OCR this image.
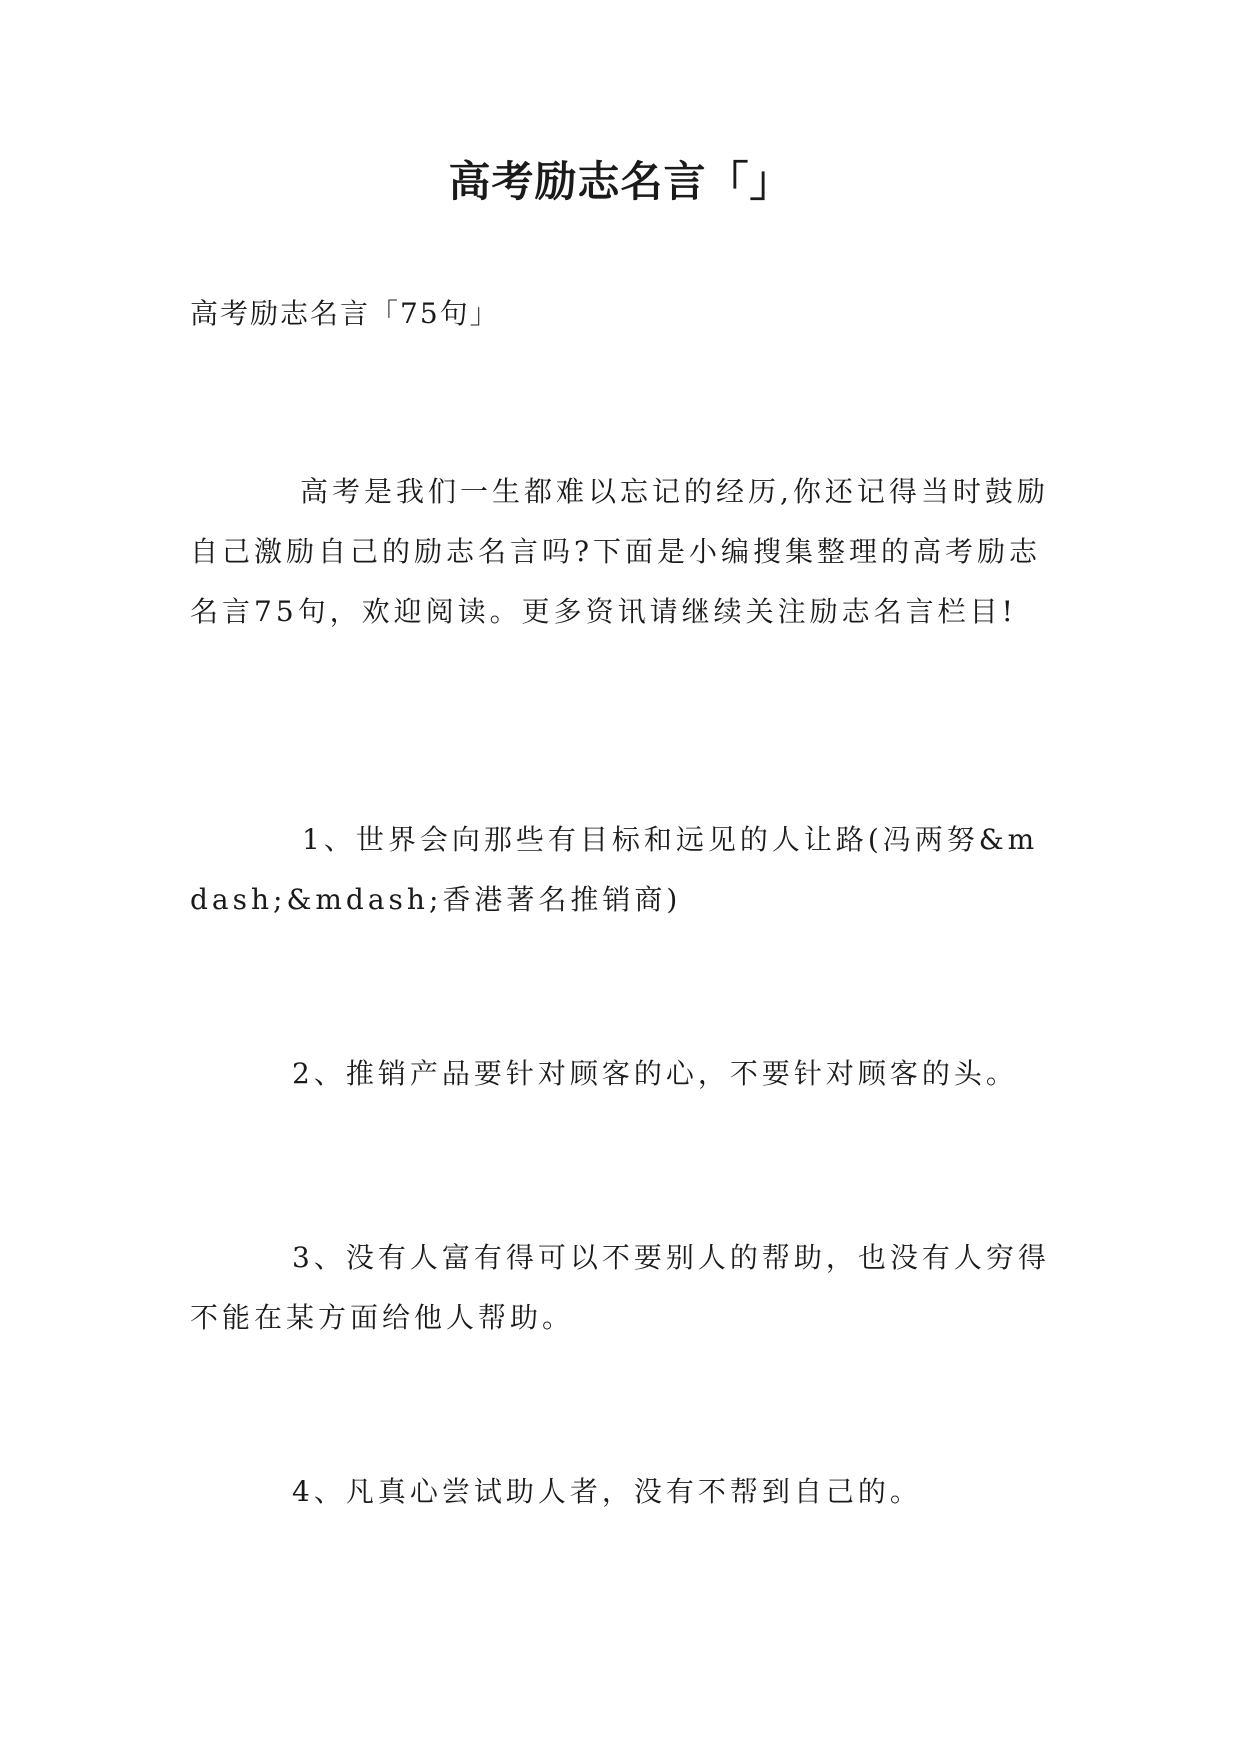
高考励志名言「」

高考励志名言「75句」

高考是我们一生都难以忘记的经历,你还记得当时鼓励自己激励自己的励志名言吗?下面是小编搜集整理的高考励志名言75句，欢迎阅读。更多资讯请继续关注励志名言栏目!

1、世界会向那些有目标和远见的人让路(冯两努&mdash;&mdash;香港著名推销商)

2、推销产品要针对顾客的心，不要针对顾客的头。

3、没有人富有得可以不要别人的帮助，也没有人穷得不能在某方面给他人帮助。

4、凡真心尝试助人者，没有不帮到自己的。
